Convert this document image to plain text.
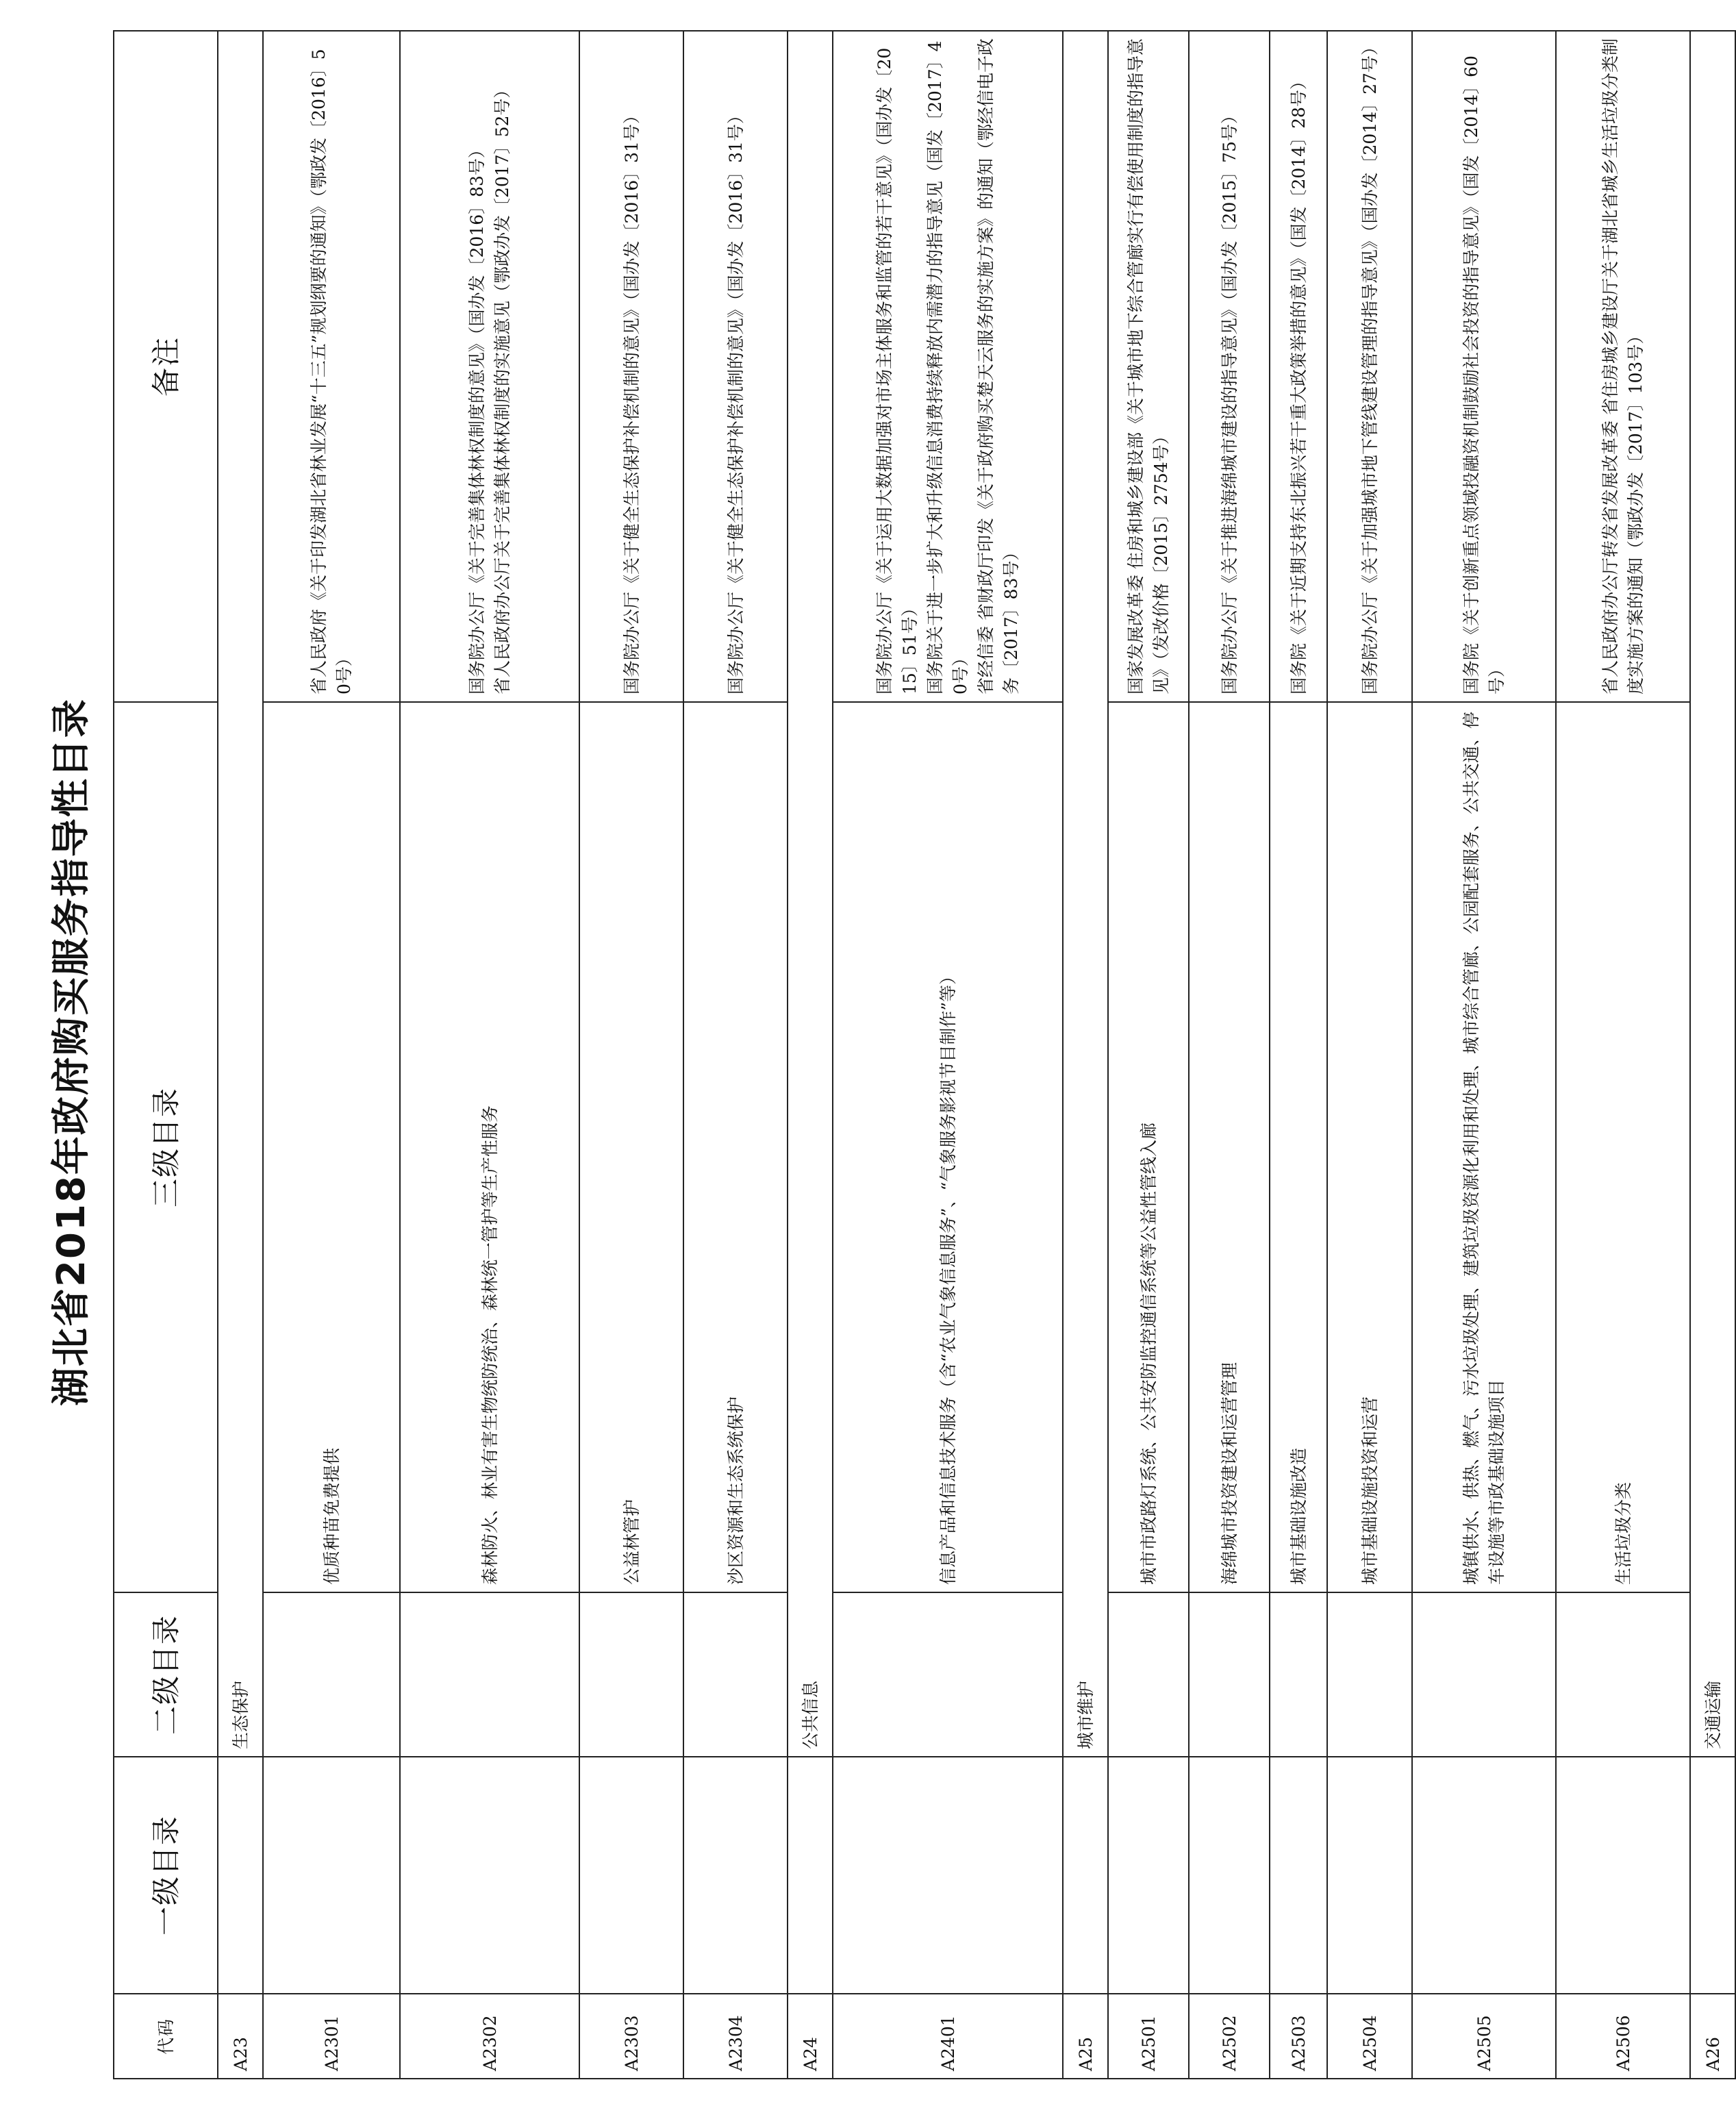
湖北省2018年政府购买服务指导性目录
代码	一级目录	二级目录	三级目录	备注
A23		生态保护		
A2301			优质种苗免费提供	省人民政府《关于印发湖北省林业发展“十三五”规划纲要的通知》（鄂政发〔2016〕50号）
A2302			森林防火、林业有害生物统防统治、森林统一管护等生产性服务	国务院办公厅《关于完善集体林权制度的意见》（国办发〔2016〕83号）
省人民政府办公厅关于完善集体林权制度的实施意见（鄂政办发〔2017〕52号）
A2303			公益林管护	国务院办公厅《关于健全生态保护补偿机制的意见》（国办发〔2016〕31号）
A2304			沙区资源和生态系统保护	国务院办公厅《关于健全生态保护补偿机制的意见》（国办发〔2016〕31号）
A24		公共信息		
A2401			信息产品和信息技术服务（含“农业气象信息服务”、“气象服务影视节目制作”等）	国务院办公厅《关于运用大数据加强对市场主体服务和监管的若干意见》（国办发〔2015〕51号）
国务院关于进一步扩大和升级信息消费持续释放内需潜力的指导意见（国发〔2017〕40号）
省经信委 省财政厅印发《关于政府购买楚天云服务的实施方案》的通知（鄂经信电子政务〔2017〕83号）
A25		城市维护		
A2501			城市市政路灯系统、公共安防监控通信系统等公益性管线入廊	国家发展改革委 住房和城乡建设部《关于城市地下综合管廊实行有偿使用制度的指导意见》（发改价格〔2015〕2754号）
A2502			海绵城市投资建设和运营管理	国务院办公厅《关于推进海绵城市建设的指导意见》（国办发〔2015〕75号）
A2503			城市基础设施改造	国务院《关于近期支持东北振兴若干重大政策举措的意见》（国发〔2014〕28号）
A2504			城市基础设施投资和运营	国务院办公厅《关于加强城市地下管线建设管理的指导意见》（国办发〔2014〕27号）
A2505			城镇供水、供热、燃气、污水垃圾处理、建筑垃圾资源化利用和处理、城市综合管廊、公园配套服务、公共交通、停车设施等市政基础设施项目	国务院《关于创新重点领域投融资机制鼓励社会投资的指导意见》（国发〔2014〕60号）
A2506			生活垃圾分类	省人民政府办公厅转发省发展改革委 省住房城乡建设厅关于湖北省城乡生活垃圾分类制度实施方案的通知（鄂政办发〔2017〕103号）
A26		交通运输		
